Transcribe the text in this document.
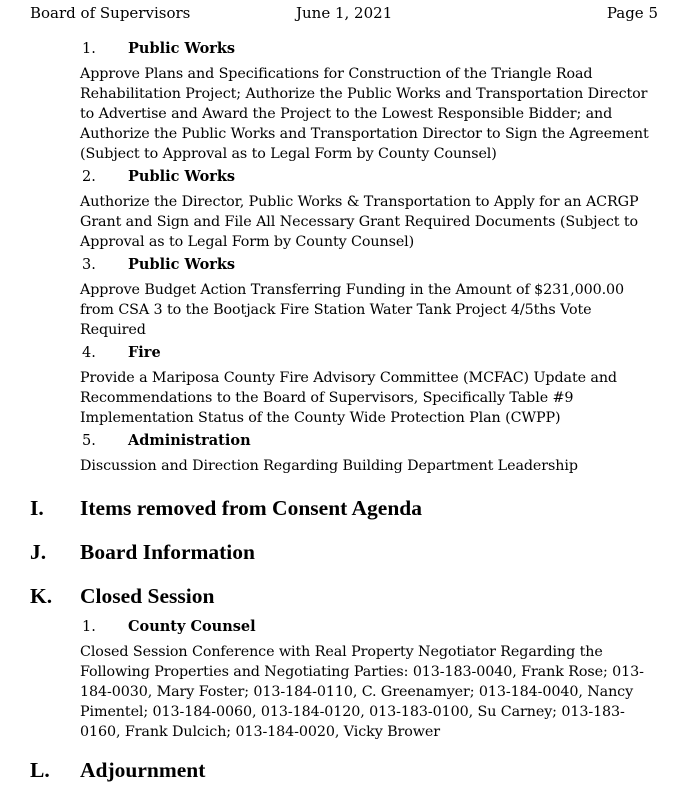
Board of Supervisors	June 1, 2021	Page 5
1. Public Works

Approve Plans and Specifications for Construction of the Triangle Road Rehabilitation Project; Authorize the Public Works and Transportation Director to Advertise and Award the Project to the Lowest Responsible Bidder; and Authorize the Public Works and Transportation Director to Sign the Agreement (Subject to Approval as to Legal Form by County Counsel)

2. Public Works

Authorize the Director, Public Works & Transportation to Apply for an ACRGP Grant and Sign and File All Necessary Grant Required Documents (Subject to Approval as to Legal Form by County Counsel)

3. Public Works

Approve Budget Action Transferring Funding in the Amount of $231,000.00 from CSA 3 to the Bootjack Fire Station Water Tank Project 4/5ths Vote Required

4. Fire

Provide a Mariposa County Fire Advisory Committee (MCFAC) Update and Recommendations to the Board of Supervisors, Specifically Table #9 Implementation Status of the County Wide Protection Plan (CWPP)

5. Administration

Discussion and Direction Regarding Building Department Leadership

I. Items removed from Consent Agenda
J. Board Information
K. Closed Session
1. County Counsel

Closed Session Conference with Real Property Negotiator Regarding the Following Properties and Negotiating Parties: 013-183-0040, Frank Rose; 013-184-0030, Mary Foster; 013-184-0110, C. Greenamyer; 013-184-0040, Nancy Pimentel; 013-184-0060, 013-184-0120, 013-183-0100, Su Carney; 013-183-0160, Frank Dulcich; 013-184-0020, Vicky Brower

L. Adjournment
